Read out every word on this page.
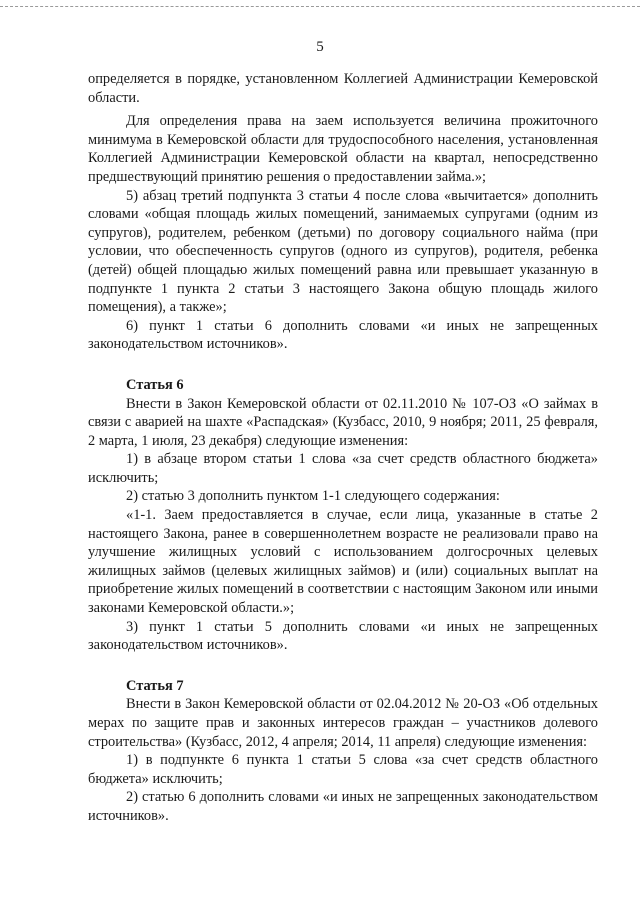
5

определяется в порядке, установленном Коллегией Администрации Кемеровской области.

Для определения права на заем используется величина прожиточного минимума в Кемеровской области для трудоспособного населения, установленная Коллегией Администрации Кемеровской области на квартал, непосредственно предшествующий принятию решения о предоставлении займа.»;

5) абзац третий подпункта 3 статьи 4 после слова «вычитается» дополнить словами «общая площадь жилых помещений, занимаемых супругами (одним из супругов), родителем, ребенком (детьми) по договору социального найма (при условии, что обеспеченность супругов (одного из супругов), родителя, ребенка (детей) общей площадью жилых помещений равна или превышает указанную в подпункте 1 пункта 2 статьи 3 настоящего Закона общую площадь жилого помещения), а также»;

6) пункт 1 статьи 6 дополнить словами «и иных не запрещенных законодательством источников».

Статья 6

Внести в Закон Кемеровской области от 02.11.2010 № 107-ОЗ «О займах в связи с аварией на шахте «Распадская» (Кузбасс, 2010, 9 ноября; 2011, 25 февраля, 2 марта, 1 июля, 23 декабря) следующие изменения:

1) в абзаце втором статьи 1 слова «за счет средств областного бюджета» исключить;

2) статью 3 дополнить пунктом 1-1 следующего содержания:

«1-1. Заем предоставляется в случае, если лица, указанные в статье 2 настоящего Закона, ранее в совершеннолетнем возрасте не реализовали право на улучшение жилищных условий с использованием долгосрочных целевых жилищных займов (целевых жилищных займов) и (или) социальных выплат на приобретение жилых помещений в соответствии с настоящим Законом или иными законами Кемеровской области.»;

3) пункт 1 статьи 5 дополнить словами «и иных не запрещенных законодательством источников».

Статья 7

Внести в Закон Кемеровской области от 02.04.2012 № 20-ОЗ «Об отдельных мерах по защите прав и законных интересов граждан – участников долевого строительства» (Кузбасс, 2012, 4 апреля; 2014, 11 апреля) следующие изменения:

1) в подпункте 6 пункта 1 статьи 5 слова «за счет средств областного бюджета» исключить;

2) статью 6 дополнить словами «и иных не запрещенных законодательством источников».
